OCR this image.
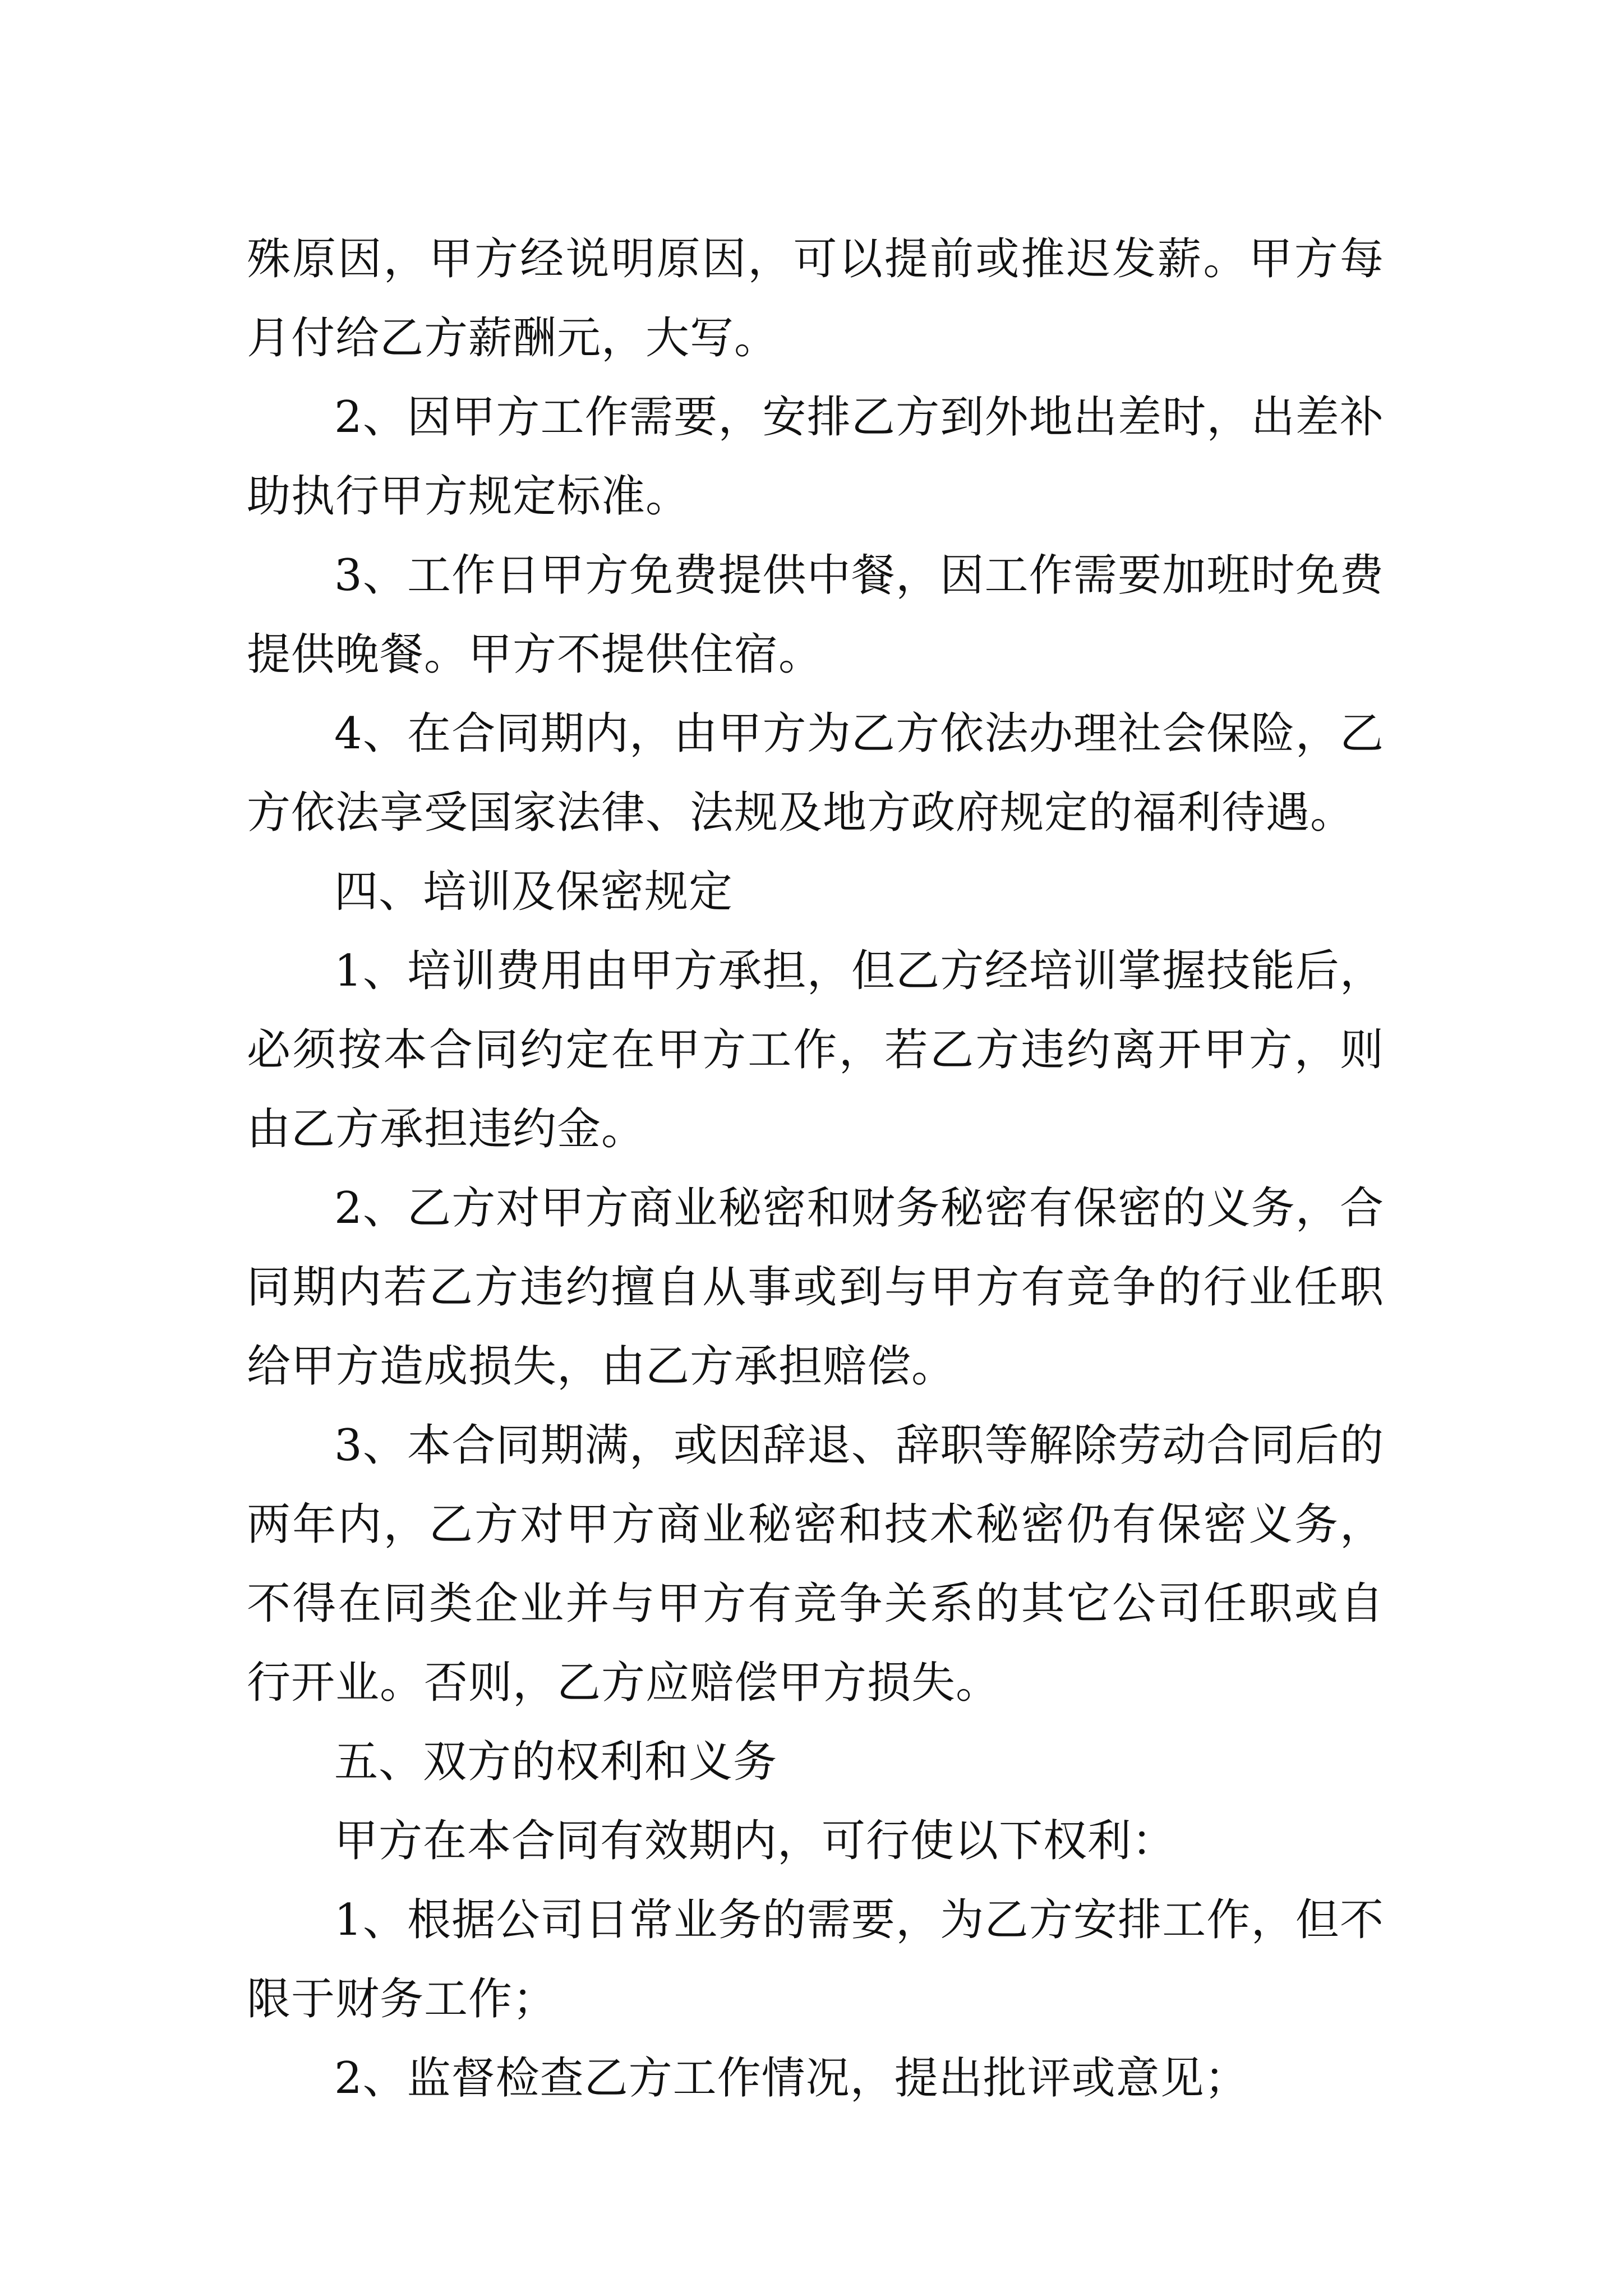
殊原因，甲方经说明原因，可以提前或推迟发薪。甲方每月付给乙方薪酬元，大写。

2、因甲方工作需要，安排乙方到外地出差时，出差补助执行甲方规定标准。

3、工作日甲方免费提供中餐，因工作需要加班时免费提供晚餐。甲方不提供住宿。

4、在合同期内，由甲方为乙方依法办理社会保险，乙方依法享受国家法律、法规及地方政府规定的福利待遇。

四、培训及保密规定

1、培训费用由甲方承担，但乙方经培训掌握技能后，必须按本合同约定在甲方工作，若乙方违约离开甲方，则由乙方承担违约金。

2、乙方对甲方商业秘密和财务秘密有保密的义务，合同期内若乙方违约擅自从事或到与甲方有竞争的行业任职给甲方造成损失，由乙方承担赔偿。

3、本合同期满，或因辞退、辞职等解除劳动合同后的两年内，乙方对甲方商业秘密和技术秘密仍有保密义务，不得在同类企业并与甲方有竞争关系的其它公司任职或自行开业。否则，乙方应赔偿甲方损失。

五、双方的权利和义务

甲方在本合同有效期内，可行使以下权利：

1、根据公司日常业务的需要，为乙方安排工作，但不限于财务工作；

2、监督检查乙方工作情况，提出批评或意见；
